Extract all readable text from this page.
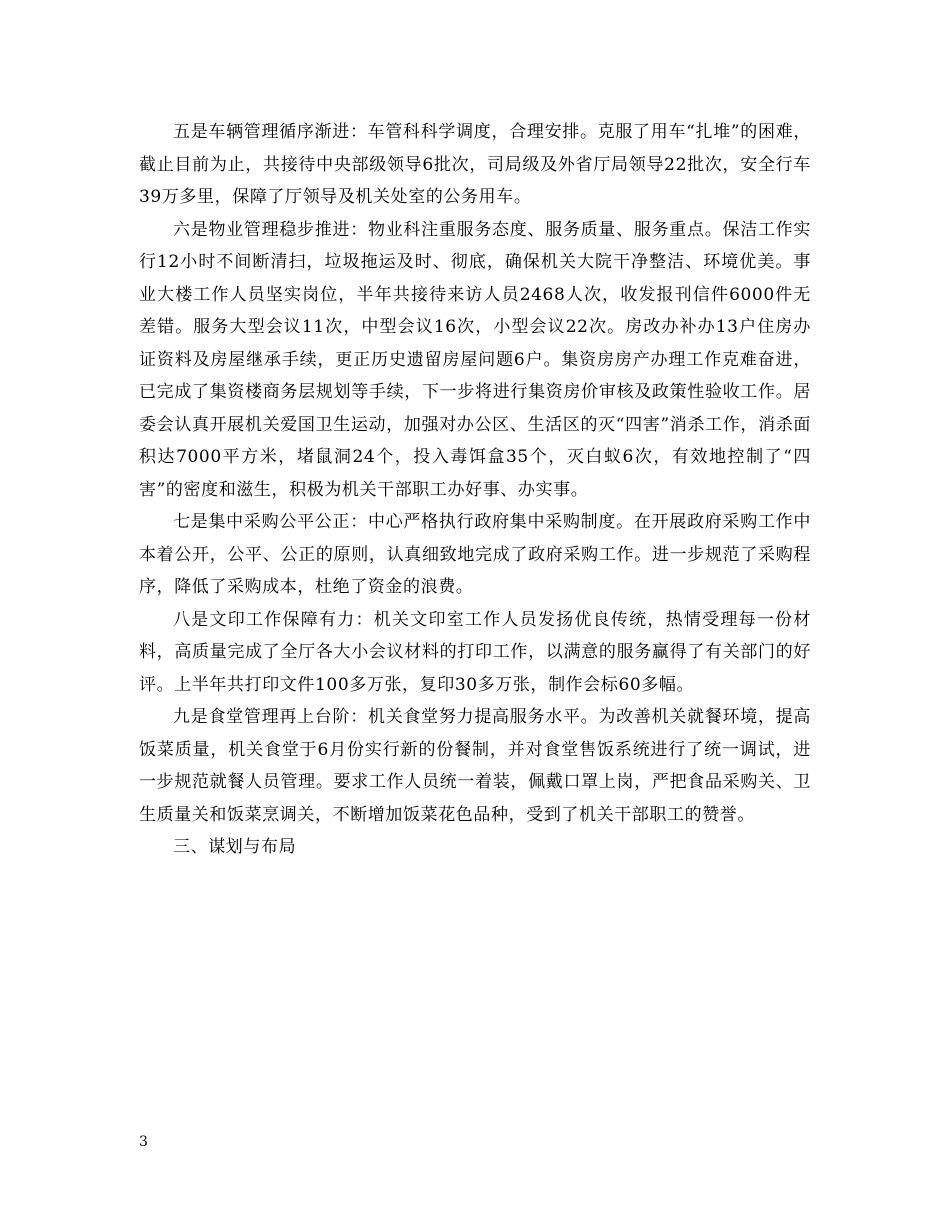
五是车辆管理循序渐进：车管科科学调度，合理安排。克服了用车“扎堆”的困难，截止目前为止，共接待中央部级领导6批次，司局级及外省厅局领导22批次，安全行车39万多里，保障了厅领导及机关处室的公务用车。

六是物业管理稳步推进：物业科注重服务态度、服务质量、服务重点。保洁工作实行12小时不间断清扫，垃圾拖运及时、彻底，确保机关大院干净整洁、环境优美。事业大楼工作人员坚实岗位，半年共接待来访人员2468人次，收发报刊信件6000件无差错。服务大型会议11次，中型会议16次，小型会议22次。房改办补办13户住房办证资料及房屋继承手续，更正历史遗留房屋问题6户。集资房房产办理工作克难奋进，已完成了集资楼商务层规划等手续，下一步将进行集资房价审核及政策性验收工作。居委会认真开展机关爱国卫生运动，加强对办公区、生活区的灭“四害”消杀工作，消杀面积达7000平方米，堵鼠洞24个，投入毒饵盒35个，灭白蚁6次，有效地控制了“四害”的密度和滋生，积极为机关干部职工办好事、办实事。

七是集中采购公平公正：中心严格执行政府集中采购制度。在开展政府采购工作中本着公开，公平、公正的原则，认真细致地完成了政府采购工作。进一步规范了采购程序，降低了采购成本，杜绝了资金的浪费。

八是文印工作保障有力：机关文印室工作人员发扬优良传统，热情受理每一份材料，高质量完成了全厅各大小会议材料的打印工作，以满意的服务赢得了有关部门的好评。上半年共打印文件100多万张，复印30多万张，制作会标60多幅。

九是食堂管理再上台阶：机关食堂努力提高服务水平。为改善机关就餐环境，提高饭菜质量，机关食堂于6月份实行新的份餐制，并对食堂售饭系统进行了统一调试，进一步规范就餐人员管理。要求工作人员统一着装，佩戴口罩上岗，严把食品采购关、卫生质量关和饭菜烹调关，不断增加饭菜花色品种，受到了机关干部职工的赞誉。

三、谋划与布局

3
